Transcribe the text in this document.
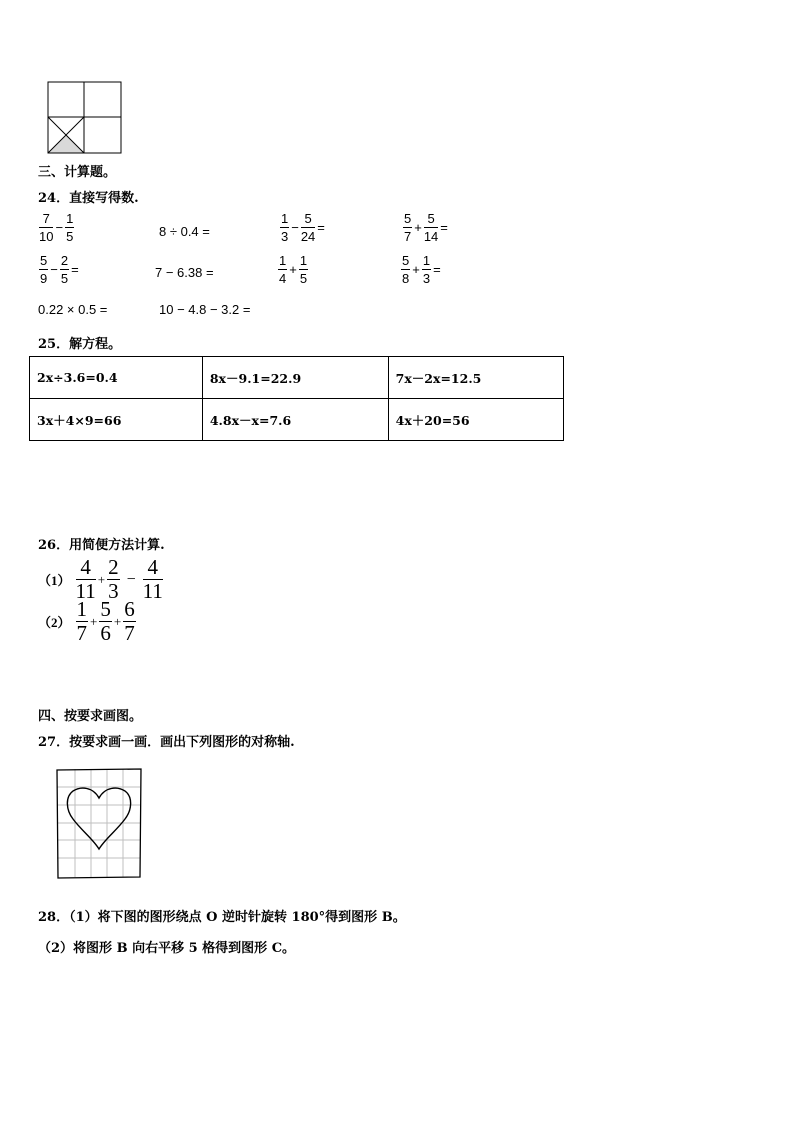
三、计算题。
24．直接写得数.
$\frac{7}{10} - \frac{1}{5}$	8 ÷ 0.4 =	$\frac{1}{3} - \frac{5}{24}$ =	$\frac{5}{7} + \frac{5}{14}$ =
$\frac{5}{9} - \frac{2}{5}$ =	7 − 6.38 =	$\frac{1}{4} + \frac{1}{5}$	$\frac{5}{8} + \frac{1}{3}$ =
0.22 × 0.5 =	10 − 4.8 − 3.2 =
25．解方程。
2x÷3.6=0.4	8x－9.1=22.9	7x－2x=12.5
3x＋4×9=66	4.8x－x=7.6	4x＋20=56
26．用简便方法计算.
$(1) \frac{4}{11} + \frac{2}{3} - \frac{4}{11}$
$(2) \frac{1}{7} + \frac{5}{6} + \frac{6}{7}$
四、按要求画图。
27．按要求画一画．画出下列图形的对称轴.
28．（1）将下图的图形绕点 O 逆时针旋转 180°得到图形 B。
（2）将图形 B 向右平移 5 格得到图形 C。
